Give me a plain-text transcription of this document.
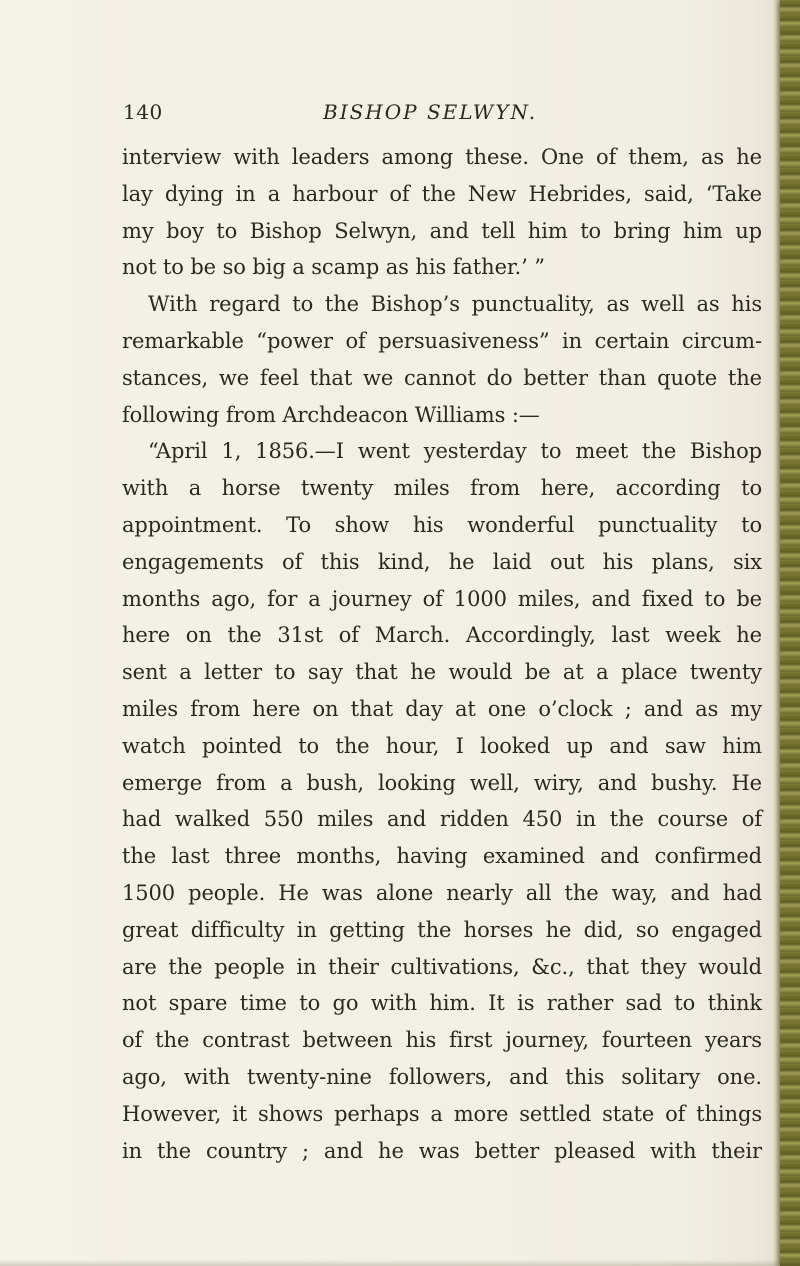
140	BISHOP SELWYN.
interview with leaders among these. One of them, as he
lay dying in a harbour of the New Hebrides, said, ‘Take
my boy to Bishop Selwyn, and tell him to bring him up
not to be so big a scamp as his father.’ ”
With regard to the Bishop’s punctuality, as well as his
remarkable “power of persuasiveness” in certain circum-
stances, we feel that we cannot do better than quote the
following from Archdeacon Williams :—
“April 1, 1856.—I went yesterday to meet the Bishop
with a horse twenty miles from here, according to
appointment. To show his wonderful punctuality to
engagements of this kind, he laid out his plans, six
months ago, for a journey of 1000 miles, and fixed to be
here on the 31st of March. Accordingly, last week he
sent a letter to say that he would be at a place twenty
miles from here on that day at one o’clock ; and as my
watch pointed to the hour, I looked up and saw him
emerge from a bush, looking well, wiry, and bushy. He
had walked 550 miles and ridden 450 in the course of
the last three months, having examined and confirmed
1500 people. He was alone nearly all the way, and had
great difficulty in getting the horses he did, so engaged
are the people in their cultivations, &c., that they would
not spare time to go with him. It is rather sad to think
of the contrast between his first journey, fourteen years
ago, with twenty-nine followers, and this solitary one.
However, it shows perhaps a more settled state of things
in the country ; and he was better pleased with their
